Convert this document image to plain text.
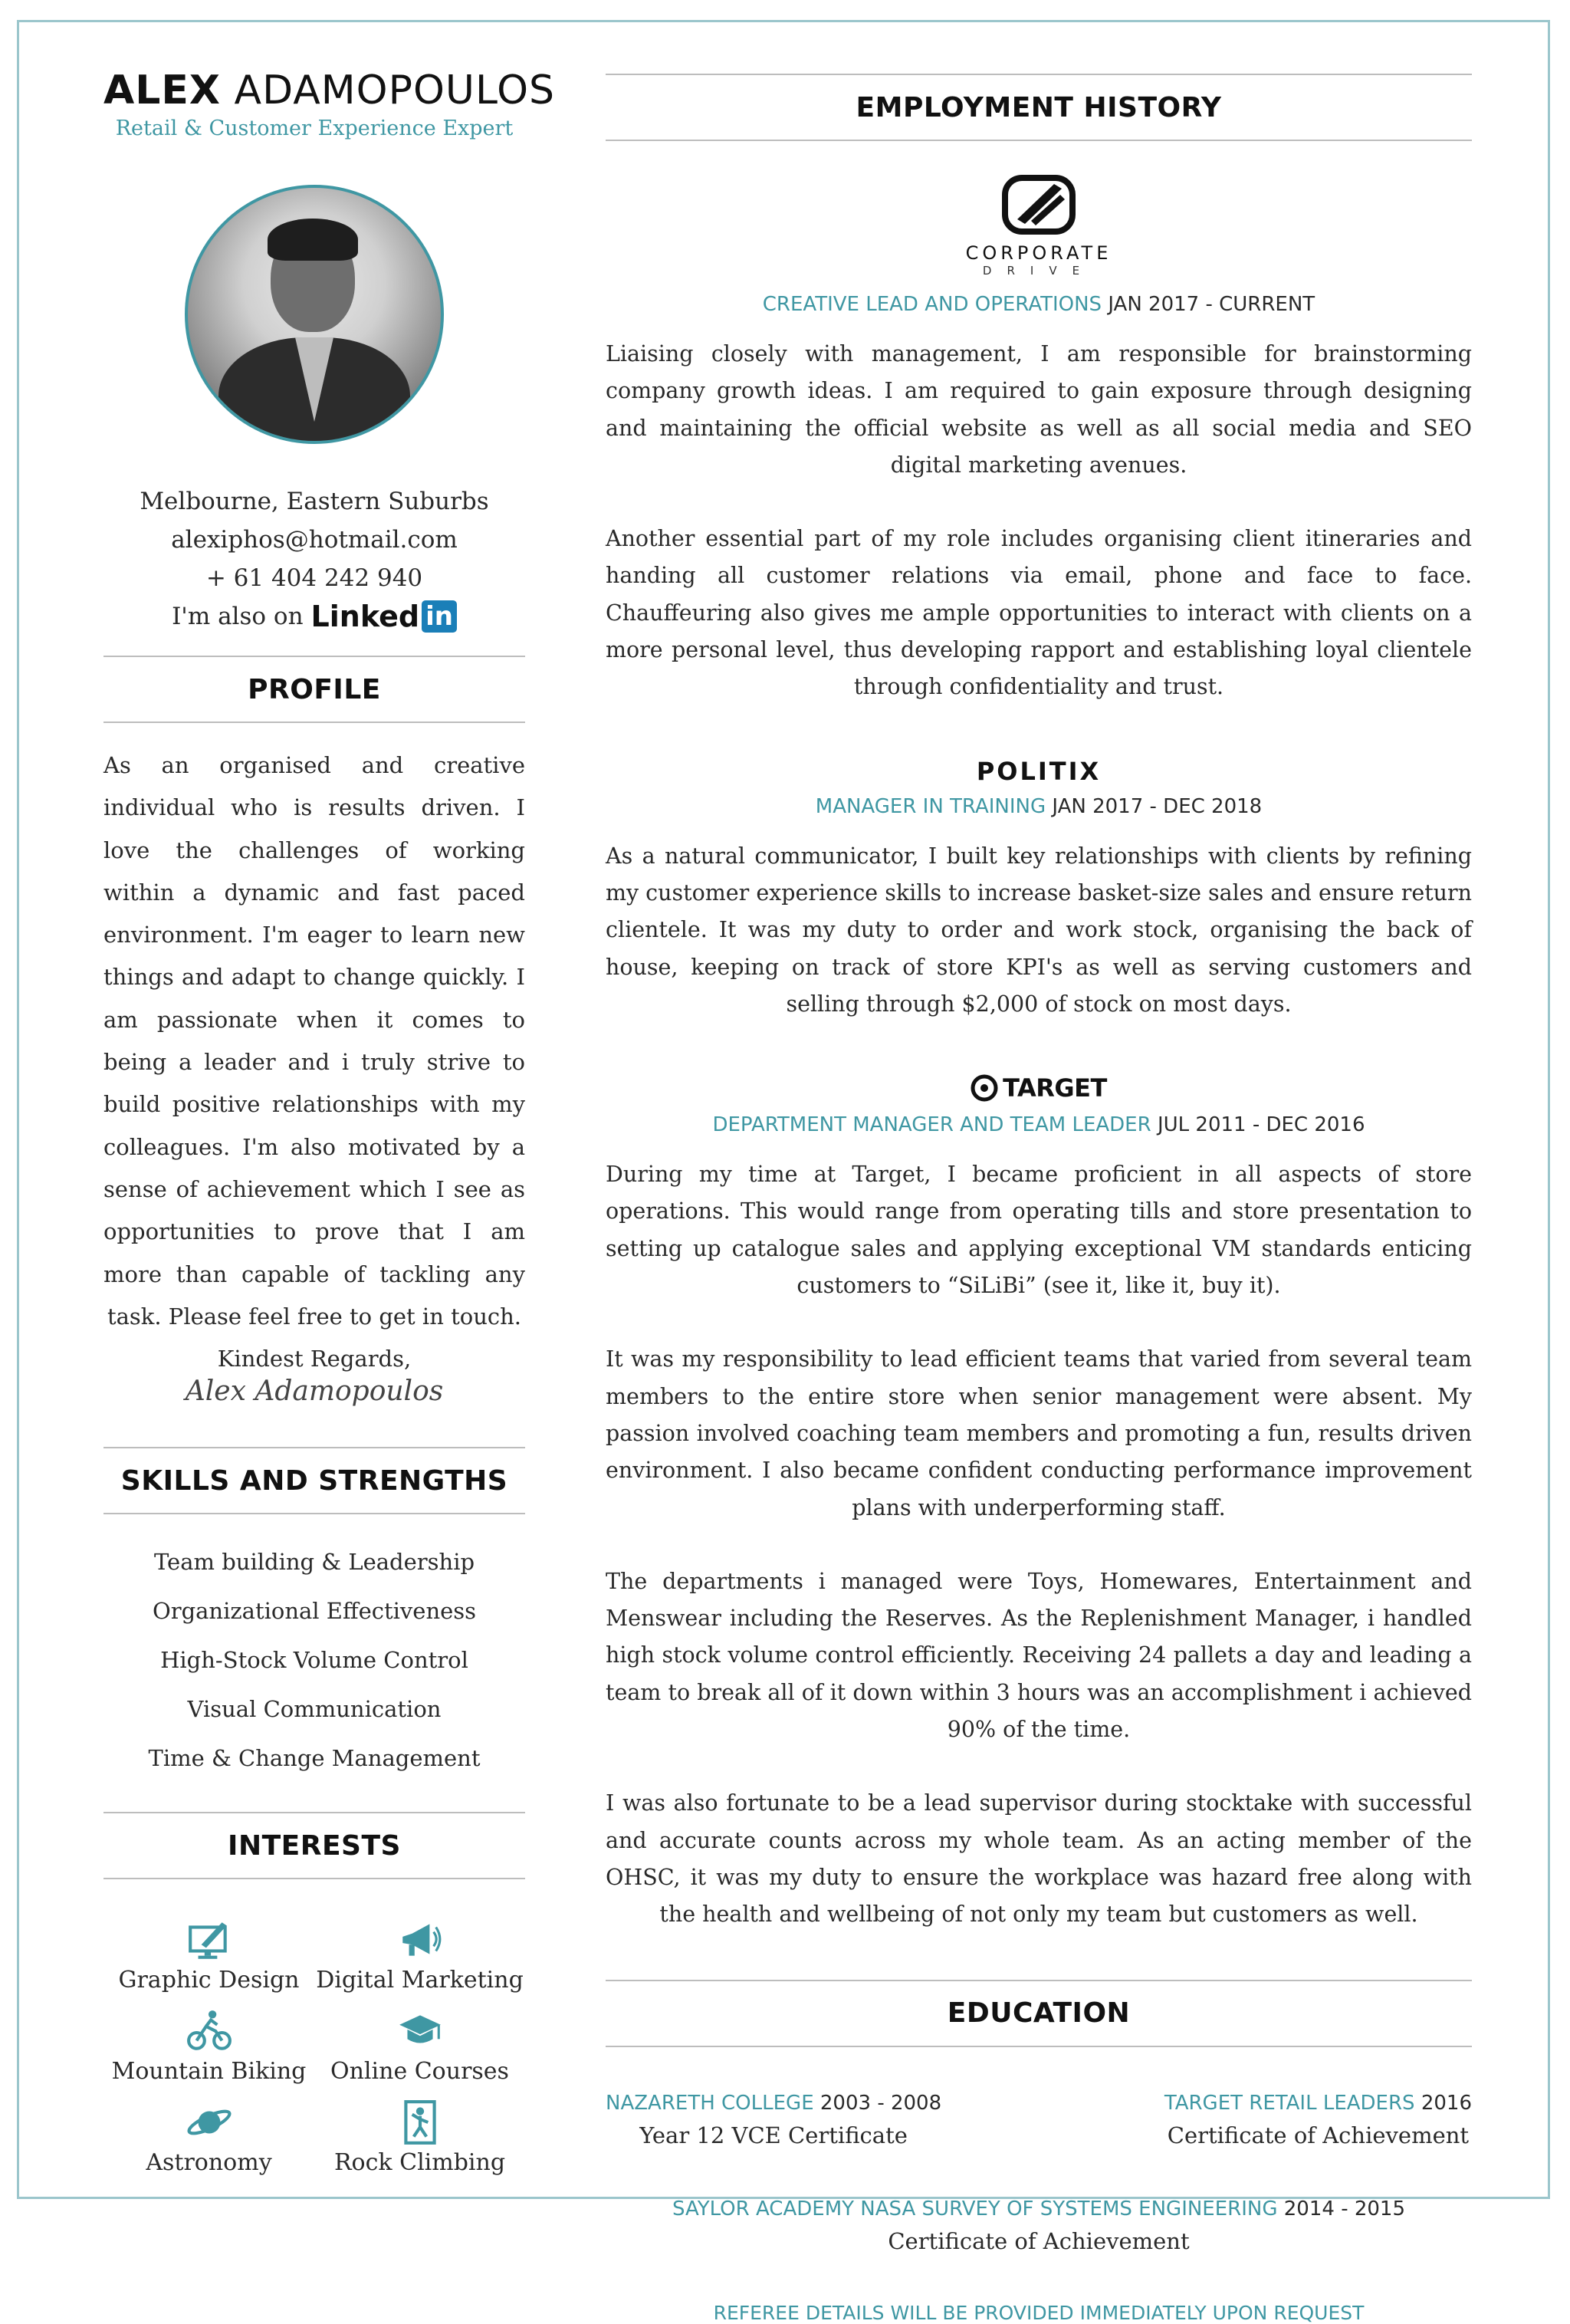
ALEX ADAMOPOULOS
Retail & Customer Experience Expert
Melbourne, Eastern Suburbs
alexiphos@hotmail.com
+ 61 404 242 940
I'm also on Linked in
PROFILE
As an organised and creative individual who is results driven. I love the challenges of working within a dynamic and fast paced environment. I'm eager to learn new things and adapt to change quickly. I am passionate when it comes to being a leader and i truly strive to build positive relationships with my colleagues. I'm also motivated by a sense of achievement which I see as opportunities to prove that I am more than capable of tackling any task. Please feel free to get in touch.
Kindest Regards,
Alex Adamopoulos
SKILLS AND STRENGTHS
Team building & Leadership
Organizational Effectiveness
High-Stock Volume Control
Visual Communication
Time & Change Management
INTERESTS
Graphic Design Digital Marketing
Mountain Biking Online Courses
Astronomy	Rock Climbing
EMPLOYMENT HISTORY
CORPORATE
DRIVE
CREATIVE LEAD AND OPERATIONS JAN 2017 - CURRENT

Liaising closely with management, I am responsible for brainstorming company growth ideas. I am required to gain exposure through designing and maintaining the official website as well as all social media and SEO digital marketing avenues.

Another essential part of my role includes organising client itineraries and handing all customer relations via email, phone and face to face. Chauffeuring also gives me ample opportunities to interact with clients on a more personal level, thus developing rapport and establishing loyal clientele through confidentiality and trust.

POLITIX
MANAGER IN TRAINING JAN 2017 - DEC 2018

As a natural communicator, I built key relationships with clients by refining my customer experience skills to increase basket-size sales and ensure return clientele. It was my duty to order and work stock, organising the back of house, keeping on track of store KPI's as well as serving customers and selling through $2,000 of stock on most days.

TARGET
DEPARTMENT MANAGER AND TEAM LEADER JUL 2011 - DEC 2016

During my time at Target, I became proficient in all aspects of store operations. This would range from operating tills and store presentation to setting up catalogue sales and applying exceptional VM standards enticing customers to “SiLiBi” (see it, like it, buy it).

It was my responsibility to lead efficient teams that varied from several team members to the entire store when senior management were absent. My passion involved coaching team members and promoting a fun, results driven environment. I also became confident conducting performance improvement plans with underperforming staff.

The departments i managed were Toys, Homewares, Entertainment and Menswear including the Reserves. As the Replenishment Manager, i handled high stock volume control efficiently. Receiving 24 pallets a day and leading a team to break all of it down within 3 hours was an accomplishment i achieved 90% of the time.

I was also fortunate to be a lead supervisor during stocktake with successful and accurate counts across my whole team. As an acting member of the OHSC, it was my duty to ensure the workplace was hazard free along with the health and wellbeing of not only my team but customers as well.

EDUCATION
NAZARETH COLLEGE 2003 - 2008
Year 12 VCE Certificate
TARGET RETAIL LEADERS 2016
Certificate of Achievement
SAYLOR ACADEMY NASA SURVEY OF SYSTEMS ENGINEERING 2014 - 2015
Certificate of Achievement
REFEREE DETAILS WILL BE PROVIDED IMMEDIATELY UPON REQUEST
